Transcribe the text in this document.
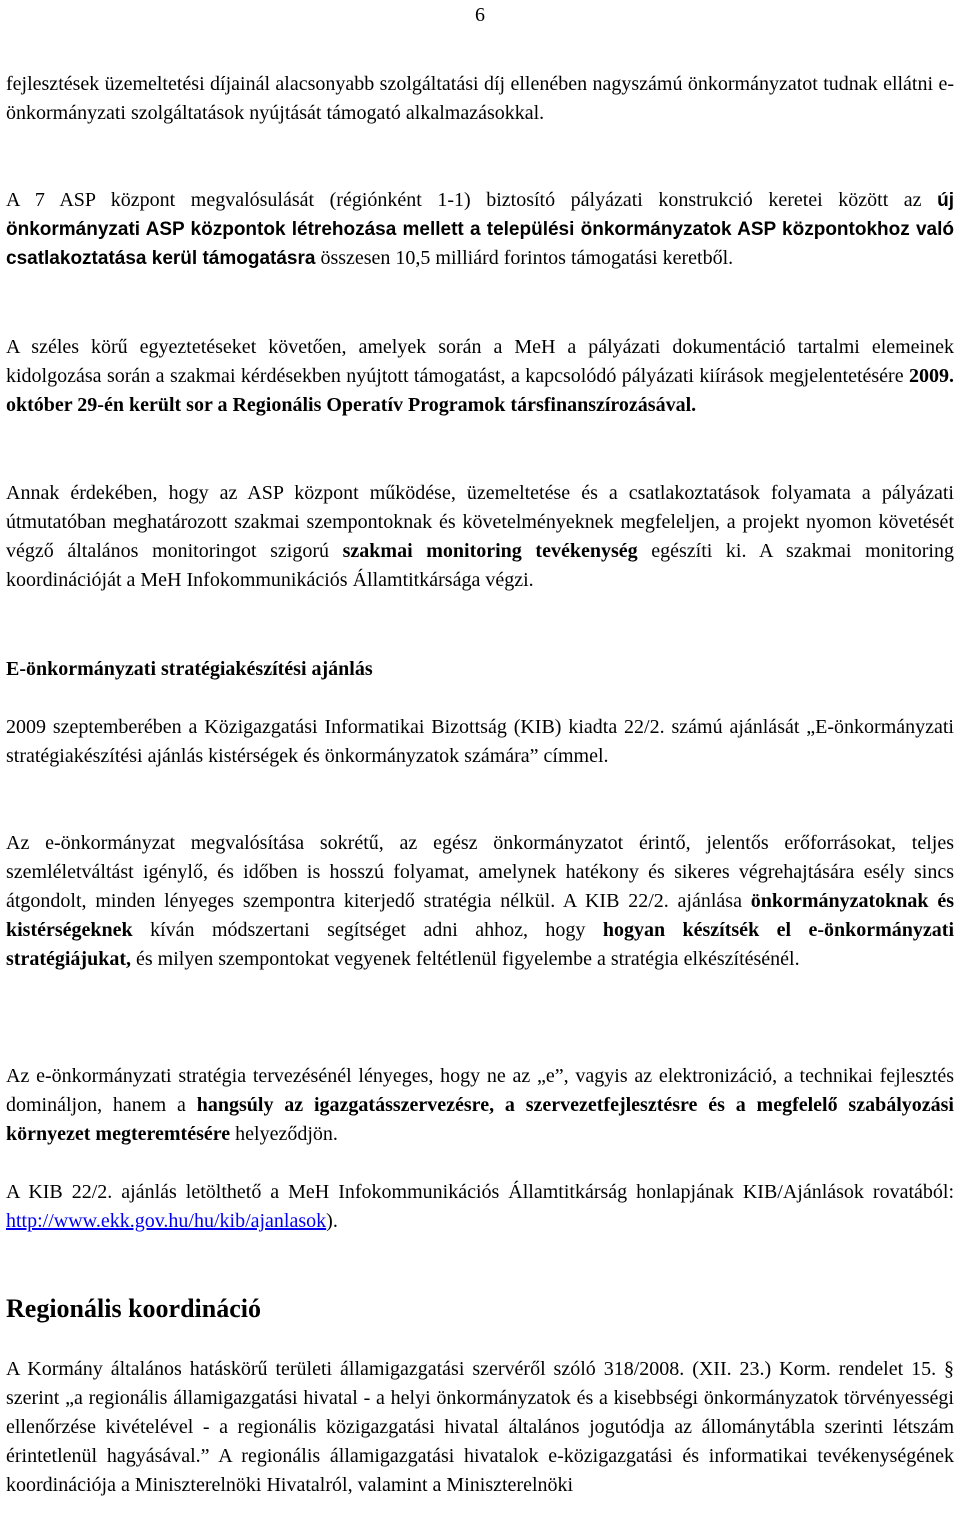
6

fejlesztések üzemeltetési díjainál alacsonyabb szolgáltatási díj ellenében nagyszámú önkormányzatot tudnak ellátni e-önkormányzati szolgáltatások nyújtását támogató alkalmazásokkal.

A 7 ASP központ megvalósulását (régiónként 1-1) biztosító pályázati konstrukció keretei között az új önkormányzati ASP központok létrehozása mellett a települési önkormányzatok ASP központokhoz való csatlakoztatása kerül támogatásra összesen 10,5 milliárd forintos támogatási keretből.

A széles körű egyeztetéseket követően, amelyek során a MeH a pályázati dokumentáció tartalmi elemeinek kidolgozása során a szakmai kérdésekben nyújtott támogatást, a kapcsolódó pályázati kiírások megjelentetésére 2009. október 29-én került sor a Regionális Operatív Programok társfinanszírozásával.

Annak érdekében, hogy az ASP központ működése, üzemeltetése és a csatlakoztatások folyamata a pályázati útmutatóban meghatározott szakmai szempontoknak és követelményeknek megfeleljen, a projekt nyomon követését végző általános monitoringot szigorú szakmai monitoring tevékenység egészíti ki. A szakmai monitoring koordinációját a MeH Infokommunikációs Államtitkársága végzi.

E-önkormányzati stratégiakészítési ajánlás

2009 szeptemberében a Közigazgatási Informatikai Bizottság (KIB) kiadta 22/2. számú ajánlását „E-önkormányzati stratégiakészítési ajánlás kistérségek és önkormányzatok számára” címmel.

Az e-önkormányzat megvalósítása sokrétű, az egész önkormányzatot érintő, jelentős erőforrásokat, teljes szemléletváltást igénylő, és időben is hosszú folyamat, amelynek hatékony és sikeres végrehajtására esély sincs átgondolt, minden lényeges szempontra kiterjedő stratégia nélkül. A KIB 22/2. ajánlása önkormányzatoknak és kistérségeknek kíván módszertani segítséget adni ahhoz, hogy hogyan készítsék el e-önkormányzati stratégiájukat, és milyen szempontokat vegyenek feltétlenül figyelembe a stratégia elkészítésénél.

Az e-önkormányzati stratégia tervezésénél lényeges, hogy ne az „e”, vagyis az elektronizáció, a technikai fejlesztés domináljon, hanem a hangsúly az igazgatásszervezésre, a szervezetfejlesztésre és a megfelelő szabályozási környezet megteremtésére helyeződjön.

A KIB 22/2. ajánlás letölthető a MeH Infokommunikációs Államtitkárság honlapjának KIB/Ajánlások rovatából: http://www.ekk.gov.hu/hu/kib/ajanlasok).

Regionális koordináció

A Kormány általános hatáskörű területi államigazgatási szervéről szóló 318/2008. (XII. 23.) Korm. rendelet 15. § szerint „a regionális államigazgatási hivatal - a helyi önkormányzatok és a kisebbségi önkormányzatok törvényességi ellenőrzése kivételével - a regionális közigazgatási hivatal általános jogutódja az állománytábla szerinti létszám érintetlenül hagyásával.” A regionális államigazgatási hivatalok e-közigazgatási és informatikai tevékenységének koordinációja a Miniszterelnöki Hivatalról, valamint a Miniszterelnöki
